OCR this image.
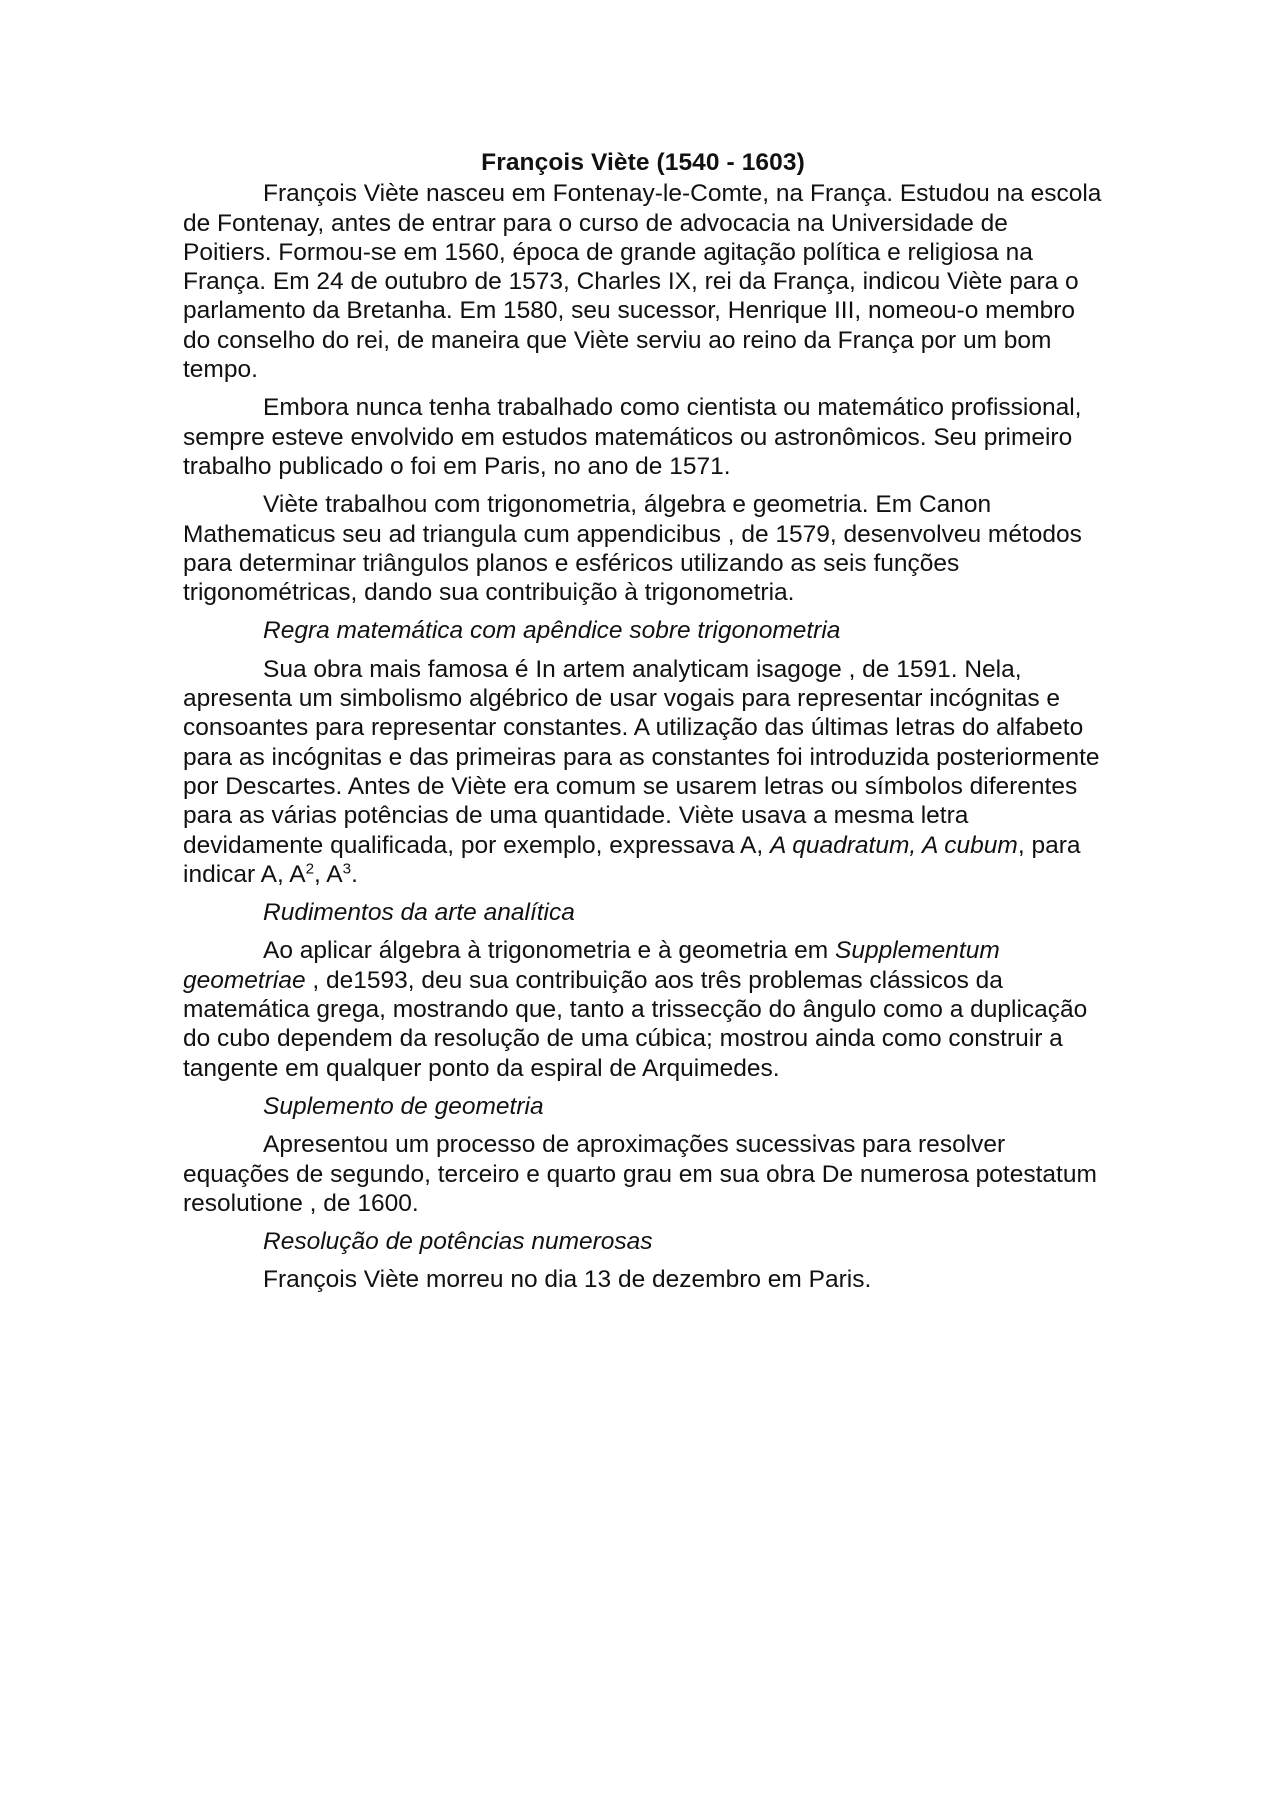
François Viète (1540 - 1603)

François Viète nasceu em Fontenay-le-Comte, na França. Estudou na escola de Fontenay, antes de entrar para o curso de advocacia na Universidade de Poitiers. Formou-se em 1560, época de grande agitação política e religiosa na França. Em 24 de outubro de 1573, Charles IX, rei da França, indicou Viète para o parlamento da Bretanha. Em 1580, seu sucessor, Henrique III, nomeou-o membro do conselho do rei, de maneira que Viète serviu ao reino da França por um bom tempo.

Embora nunca tenha trabalhado como cientista ou matemático profissional, sempre esteve envolvido em estudos matemáticos ou astronômicos. Seu primeiro trabalho publicado o foi em Paris, no ano de 1571.

Viète trabalhou com trigonometria, álgebra e geometria. Em Canon Mathematicus seu ad triangula cum appendicibus , de 1579, desenvolveu métodos para determinar triângulos planos e esféricos utilizando as seis funções trigonométricas, dando sua contribuição à trigonometria.

Regra matemática com apêndice sobre trigonometria

Sua obra mais famosa é In artem analyticam isagoge , de 1591. Nela, apresenta um simbolismo algébrico de usar vogais para representar incógnitas e consoantes para representar constantes. A utilização das últimas letras do alfabeto para as incógnitas e das primeiras para as constantes foi introduzida posteriormente por Descartes. Antes de Viète era comum se usarem letras ou símbolos diferentes para as várias potências de uma quantidade. Viète usava a mesma letra devidamente qualificada, por exemplo, expressava A, A quadratum, A cubum, para indicar A, $A^2$, $A^3$.

Rudimentos da arte analítica

Ao aplicar álgebra à trigonometria e à geometria em Supplementum geometriae , de1593, deu sua contribuição aos três problemas clássicos da matemática grega, mostrando que, tanto a trissecção do ângulo como a duplicação do cubo dependem da resolução de uma cúbica; mostrou ainda como construir a tangente em qualquer ponto da espiral de Arquimedes.

Suplemento de geometria

Apresentou um processo de aproximações sucessivas para resolver equações de segundo, terceiro e quarto grau em sua obra De numerosa potestatum resolutione , de 1600.

Resolução de potências numerosas

François Viète morreu no dia 13 de dezembro em Paris.
